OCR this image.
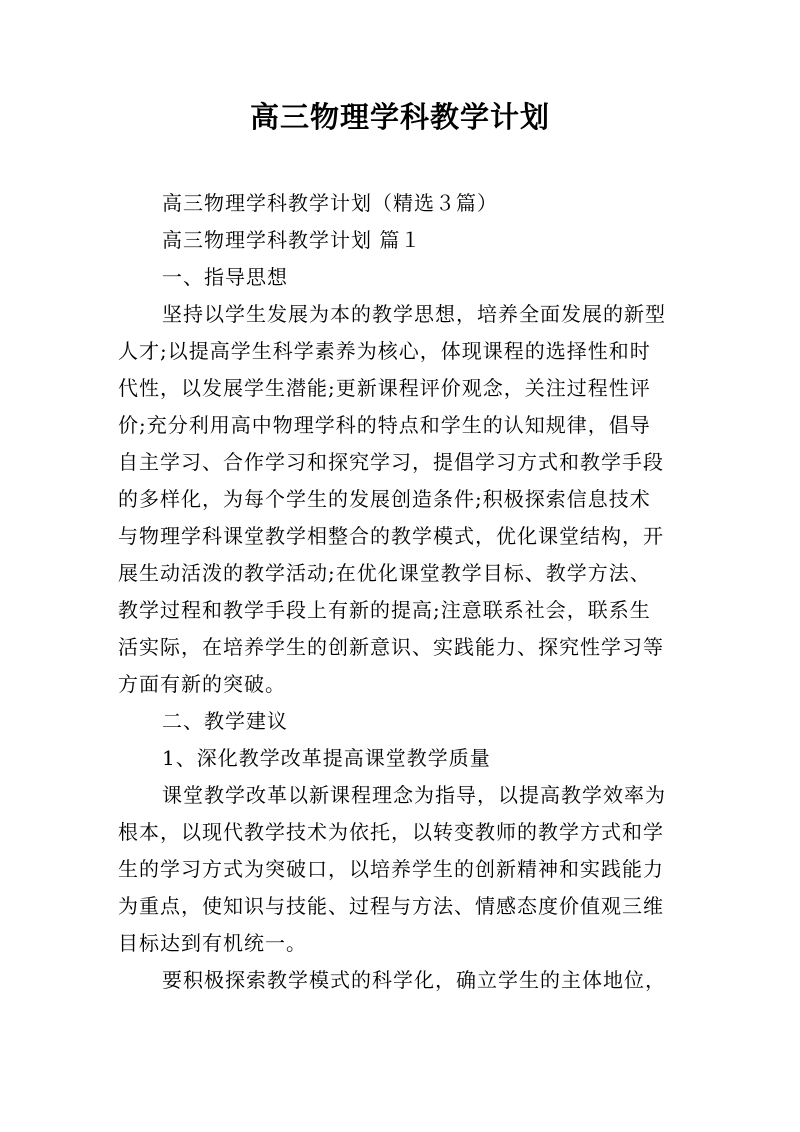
高三物理学科教学计划
高三物理学科教学计划（精选３篇）
高三物理学科教学计划 篇１
一、指导思想
坚持以学生发展为本的教学思想，培养全面发展的新型
人才;以提高学生科学素养为核心，体现课程的选择性和时
代性，以发展学生潜能;更新课程评价观念，关注过程性评
价;充分利用高中物理学科的特点和学生的认知规律，倡导
自主学习、合作学习和探究学习，提倡学习方式和教学手段
的多样化，为每个学生的发展创造条件;积极探索信息技术
与物理学科课堂教学相整合的教学模式，优化课堂结构，开
展生动活泼的教学活动;在优化课堂教学目标、教学方法、
教学过程和教学手段上有新的提高;注意联系社会，联系生
活实际，在培养学生的创新意识、实践能力、探究性学习等
方面有新的突破。
二、教学建议
1、深化教学改革提高课堂教学质量
课堂教学改革以新课程理念为指导，以提高教学效率为
根本，以现代教学技术为依托，以转变教师的教学方式和学
生的学习方式为突破口，以培养学生的创新精神和实践能力
为重点，使知识与技能、过程与方法、情感态度价值观三维
目标达到有机统一。
要积极探索教学模式的科学化，确立学生的主体地位，
